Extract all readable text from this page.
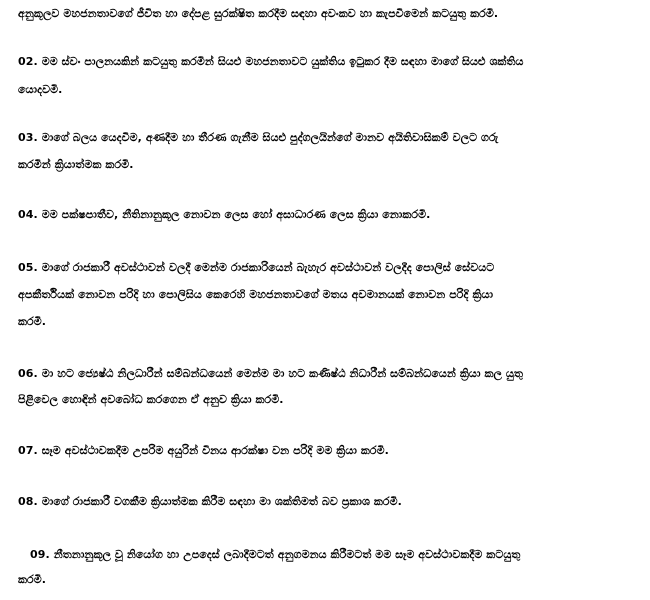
අනුකූලව මහජනතාවගේ ජීවිත හා දේපළ සුරක්ෂිත කරදීම සඳහා අවංකව හා කැපවීමෙන් කටයුතු කරමි.

02. මම ස්වං පාලනයකින් කටයුතු කරමින් සියළු මහජනතාවට යුක්තිය ඉටුකර දීම සඳහා මාගේ සියළු ශක්තිය

යොදවමි.

03. මාගේ බලය යෙදවීම, අණදීම හා තීරණ ගැනීම සියළු පුද්ගලයින්ගේ මානව අයිතිවාසිකම් වලට ගරු

කරමින් ක්‍රියාත්මක කරමි.

04. මම පක්ෂපාතීව, නීතිනානුකූල නොවන ලෙස හෝ අසාධාරණ ලෙස ක්‍රියා නොකරමි.

05. මාගේ රාජකාරී අවස්ථාවන් වලදී මෙන්ම රාජකාරියෙන් බැහැර අවස්ථාවන් වලදීද පොලිස් සේවයට

අපකීර්තියක් නොවන පරිදි හා පොලිසිය කෙරෙහි මහජනතාවගේ මතය අවමානයක් නොවන පරිදි ක්‍රියා

කරමි.

06. මා හට ජ්‍යෙෂ්ඨ නිලධාරීන් සම්බන්ධයෙන් මෙන්ම මා හට කණිෂ්ඨ නිධාරීන් සම්බන්ධයෙන් ක්‍රියා කල යුතු

පිළිවෙල හොඳින් අවබෝධ කරගෙන ඒ අනුව ක්‍රියා කරමි.

07. සෑම අවස්ථාවකදීම උපරිම අයුරින් විනය ආරක්ෂා වන පරිදි මම ක්‍රියා කරමි.

08. මාගේ රාජකාරී වගකීම ක්‍රියාත්මක කිරීම සඳහා මා ශක්තිමත් බව ප්‍රකාශ කරමි.

09. නීතනානුකූල වූ නියෝග හා උපදෙස් ලබාදීමටත් අනුගමනය කිරීමටත් මම සෑම අවස්ථාවකදීම කටයුතු

කරමි.
